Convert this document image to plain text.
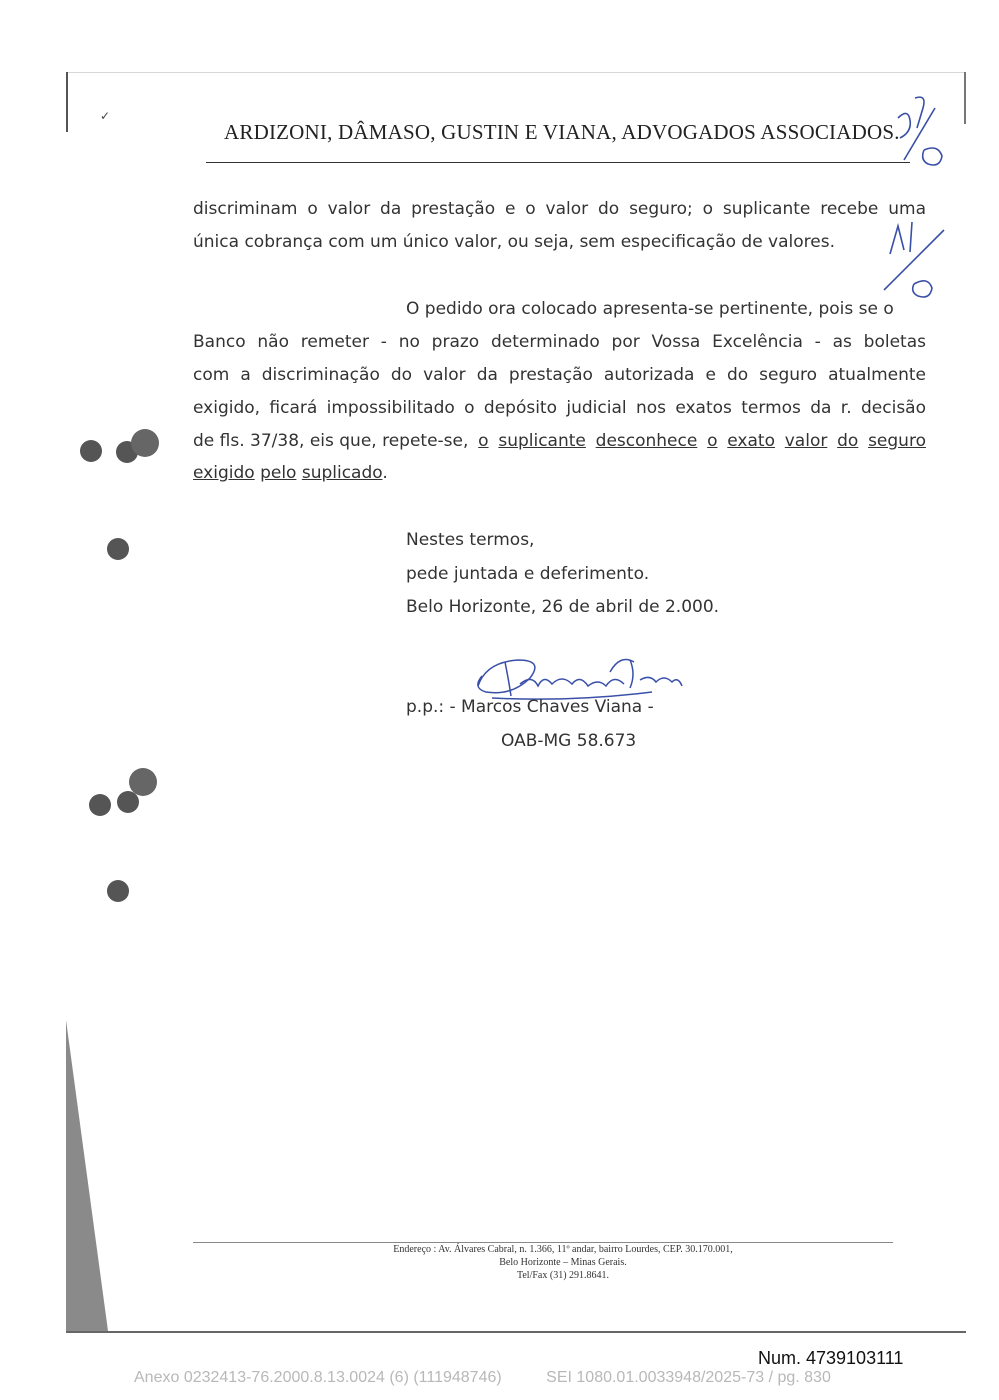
✓
ARDIZONI, DÂMASO, GUSTIN E VIANA, ADVOGADOS ASSOCIADOS.
discriminam o valor da prestação e o valor do seguro; o suplicante recebe uma
única cobrança com um único valor, ou seja, sem especificação de valores.
O pedido ora colocado apresenta-se pertinente, pois se o
Banco não remeter - no prazo determinado por Vossa Excelência - as boletas
com a discriminação do valor da prestação autorizada e do seguro atualmente
exigido, ficará impossibilitado o depósito judicial nos exatos termos da r. decisão
de fls. 37/38, eis que, repete-se, o suplicante desconhece o exato valor do seguro
exigido pelo suplicado.
Nestes termos,
pede juntada e deferimento.
Belo Horizonte, 26 de abril de 2.000.
p.p.: - Marcos Chaves Viana -
OAB-MG 58.673
Endereço : Av. Álvares Cabral, n. 1.366, 11º andar, bairro Lourdes, CEP. 30.170.001,
Belo Horizonte – Minas Gerais.
Tel/Fax (31) 291.8641.
Num. 4739103111
Anexo 0232413-76.2000.8.13.0024 (6) (111948746)	SEI 1080.01.0033948/2025-73 / pg. 830
